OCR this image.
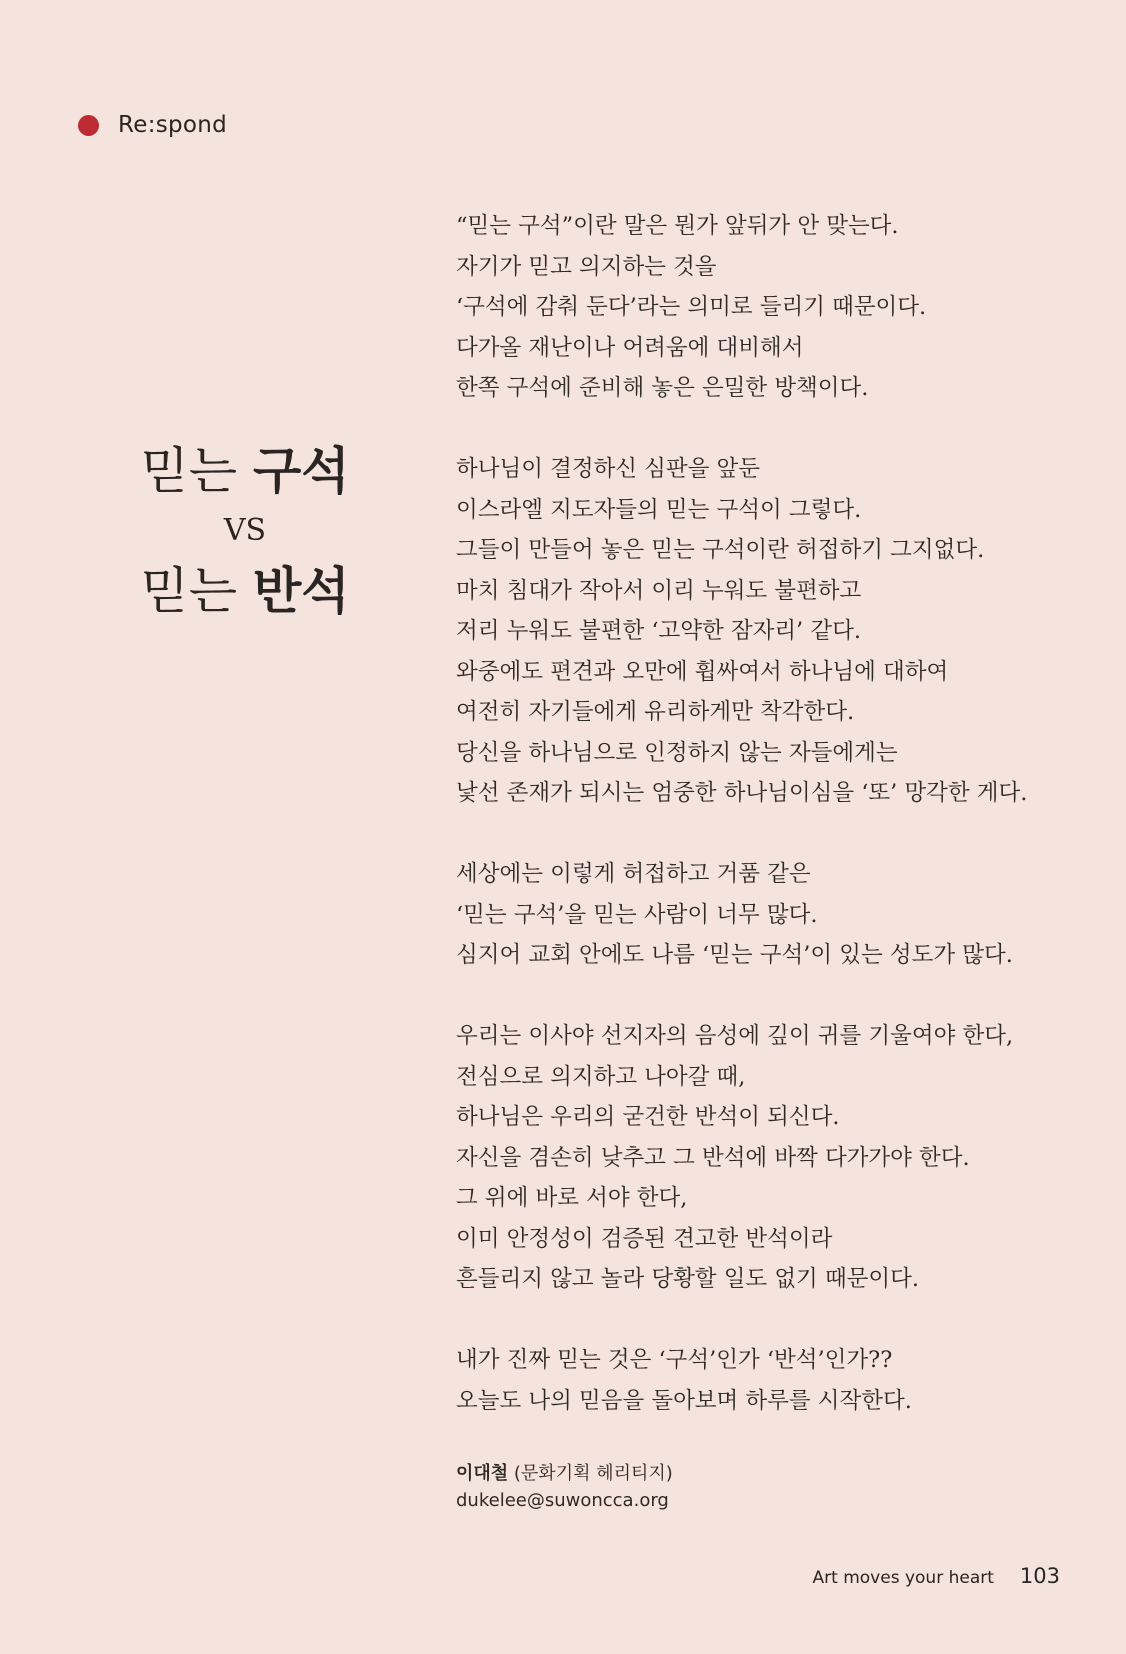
Re:spond
믿는 구석
VS
믿는 반석
“믿는 구석”이란 말은 뭔가 앞뒤가 안 맞는다.
자기가 믿고 의지하는 것을
‘구석에 감춰 둔다’라는 의미로 들리기 때문이다.
다가올 재난이나 어려움에 대비해서
한쪽 구석에 준비해 놓은 은밀한 방책이다.
하나님이 결정하신 심판을 앞둔
이스라엘 지도자들의 믿는 구석이 그렇다.
그들이 만들어 놓은 믿는 구석이란 허접하기 그지없다.
마치 침대가 작아서 이리 누워도 불편하고
저리 누워도 불편한 ‘고약한 잠자리’ 같다.
와중에도 편견과 오만에 휩싸여서 하나님에 대하여
여전히 자기들에게 유리하게만 착각한다.
당신을 하나님으로 인정하지 않는 자들에게는
낯선 존재가 되시는 엄중한 하나님이심을 ‘또’ 망각한 게다.
세상에는 이렇게 허접하고 거품 같은
‘믿는 구석’을 믿는 사람이 너무 많다.
심지어 교회 안에도 나름 ‘믿는 구석’이 있는 성도가 많다.
우리는 이사야 선지자의 음성에 깊이 귀를 기울여야 한다,
전심으로 의지하고 나아갈 때,
하나님은 우리의 굳건한 반석이 되신다.
자신을 겸손히 낮추고 그 반석에 바짝 다가가야 한다.
그 위에 바로 서야 한다,
이미 안정성이 검증된 견고한 반석이라
흔들리지 않고 놀라 당황할 일도 없기 때문이다.
내가 진짜 믿는 것은 ‘구석’인가 ‘반석’인가??
오늘도 나의 믿음을 돌아보며 하루를 시작한다.
이대철 (문화기획 헤리티지)
dukelee@suwoncca.org
Art moves your heart 103
